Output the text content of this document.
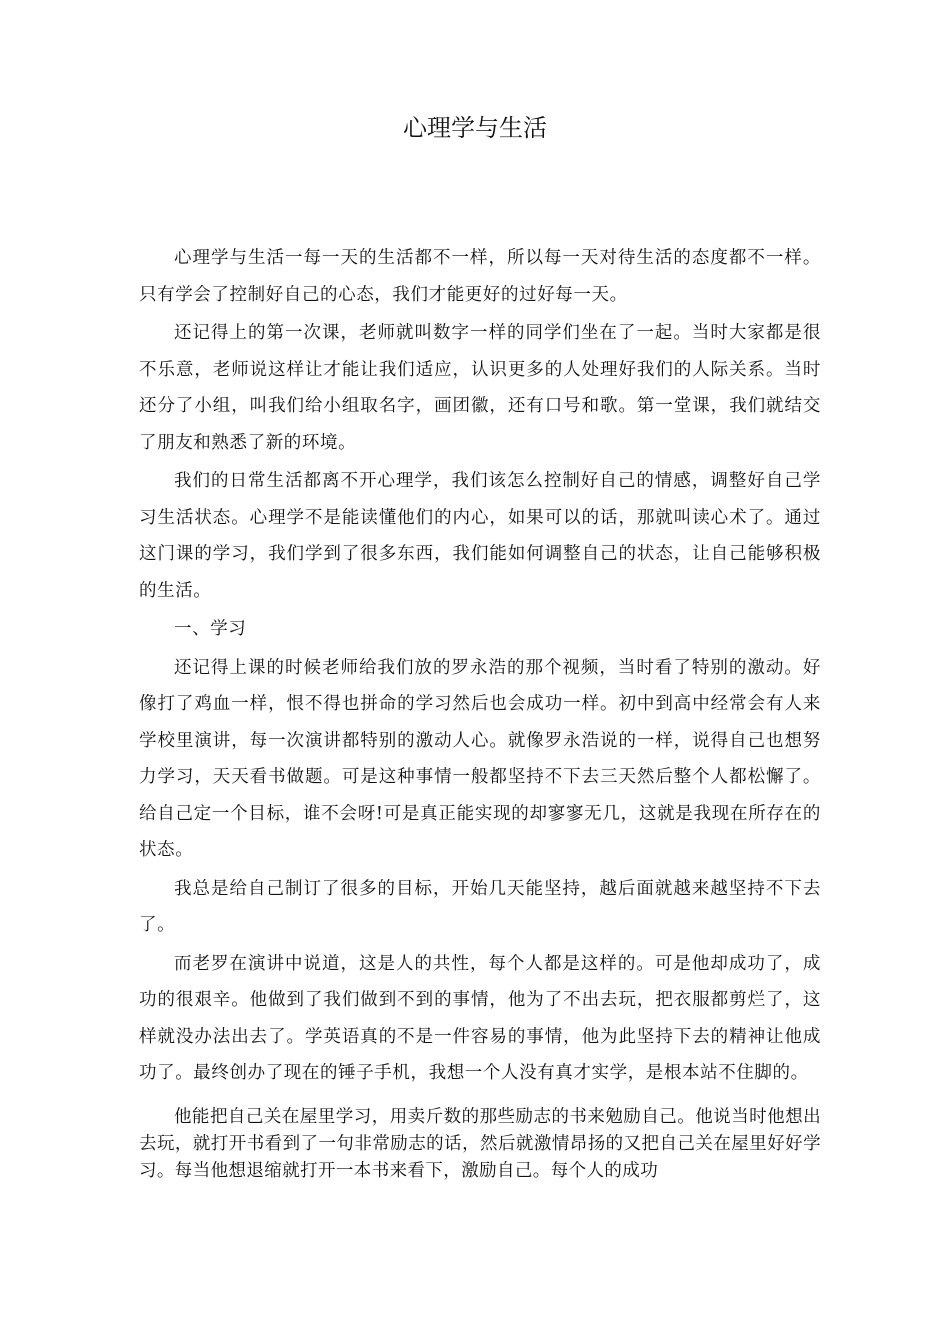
心理学与生活

心理学与生活一每一天的生活都不一样，所以每一天对待生活的态度都不一样。只有学会了控制好自己的心态，我们才能更好的过好每一天。

还记得上的第一次课，老师就叫数字一样的同学们坐在了一起。当时大家都是很不乐意，老师说这样让才能让我们适应，认识更多的人处理好我们的人际关系。当时还分了小组，叫我们给小组取名字，画团徽，还有口号和歌。第一堂课，我们就结交了朋友和熟悉了新的环境。

我们的日常生活都离不开心理学，我们该怎么控制好自己的情感，调整好自己学习生活状态。心理学不是能读懂他们的内心，如果可以的话，那就叫读心术了。通过这门课的学习，我们学到了很多东西，我们能如何调整自己的状态，让自己能够积极的生活。

一、学习

还记得上课的时候老师给我们放的罗永浩的那个视频，当时看了特别的激动。好像打了鸡血一样，恨不得也拼命的学习然后也会成功一样。初中到高中经常会有人来学校里演讲，每一次演讲都特别的激动人心。就像罗永浩说的一样，说得自己也想努力学习，天天看书做题。可是这种事情一般都坚持不下去三天然后整个人都松懈了。给自己定一个目标，谁不会呀!可是真正能实现的却寥寥无几，这就是我现在所存在的状态。

我总是给自己制订了很多的目标，开始几天能坚持，越后面就越来越坚持不下去了。

而老罗在演讲中说道，这是人的共性，每个人都是这样的。可是他却成功了，成功的很艰辛。他做到了我们做到不到的事情，他为了不出去玩，把衣服都剪烂了，这样就没办法出去了。学英语真的不是一件容易的事情，他为此坚持下去的精神让他成功了。最终创办了现在的锤子手机，我想一个人没有真才实学，是根本站不住脚的。

他能把自己关在屋里学习，用卖斤数的那些励志的书来勉励自己。他说当时他想出去玩，就打开书看到了一句非常励志的话，然后就激情昂扬的又把自己关在屋里好好学习。每当他想退缩就打开一本书来看下，激励自己。每个人的成功
